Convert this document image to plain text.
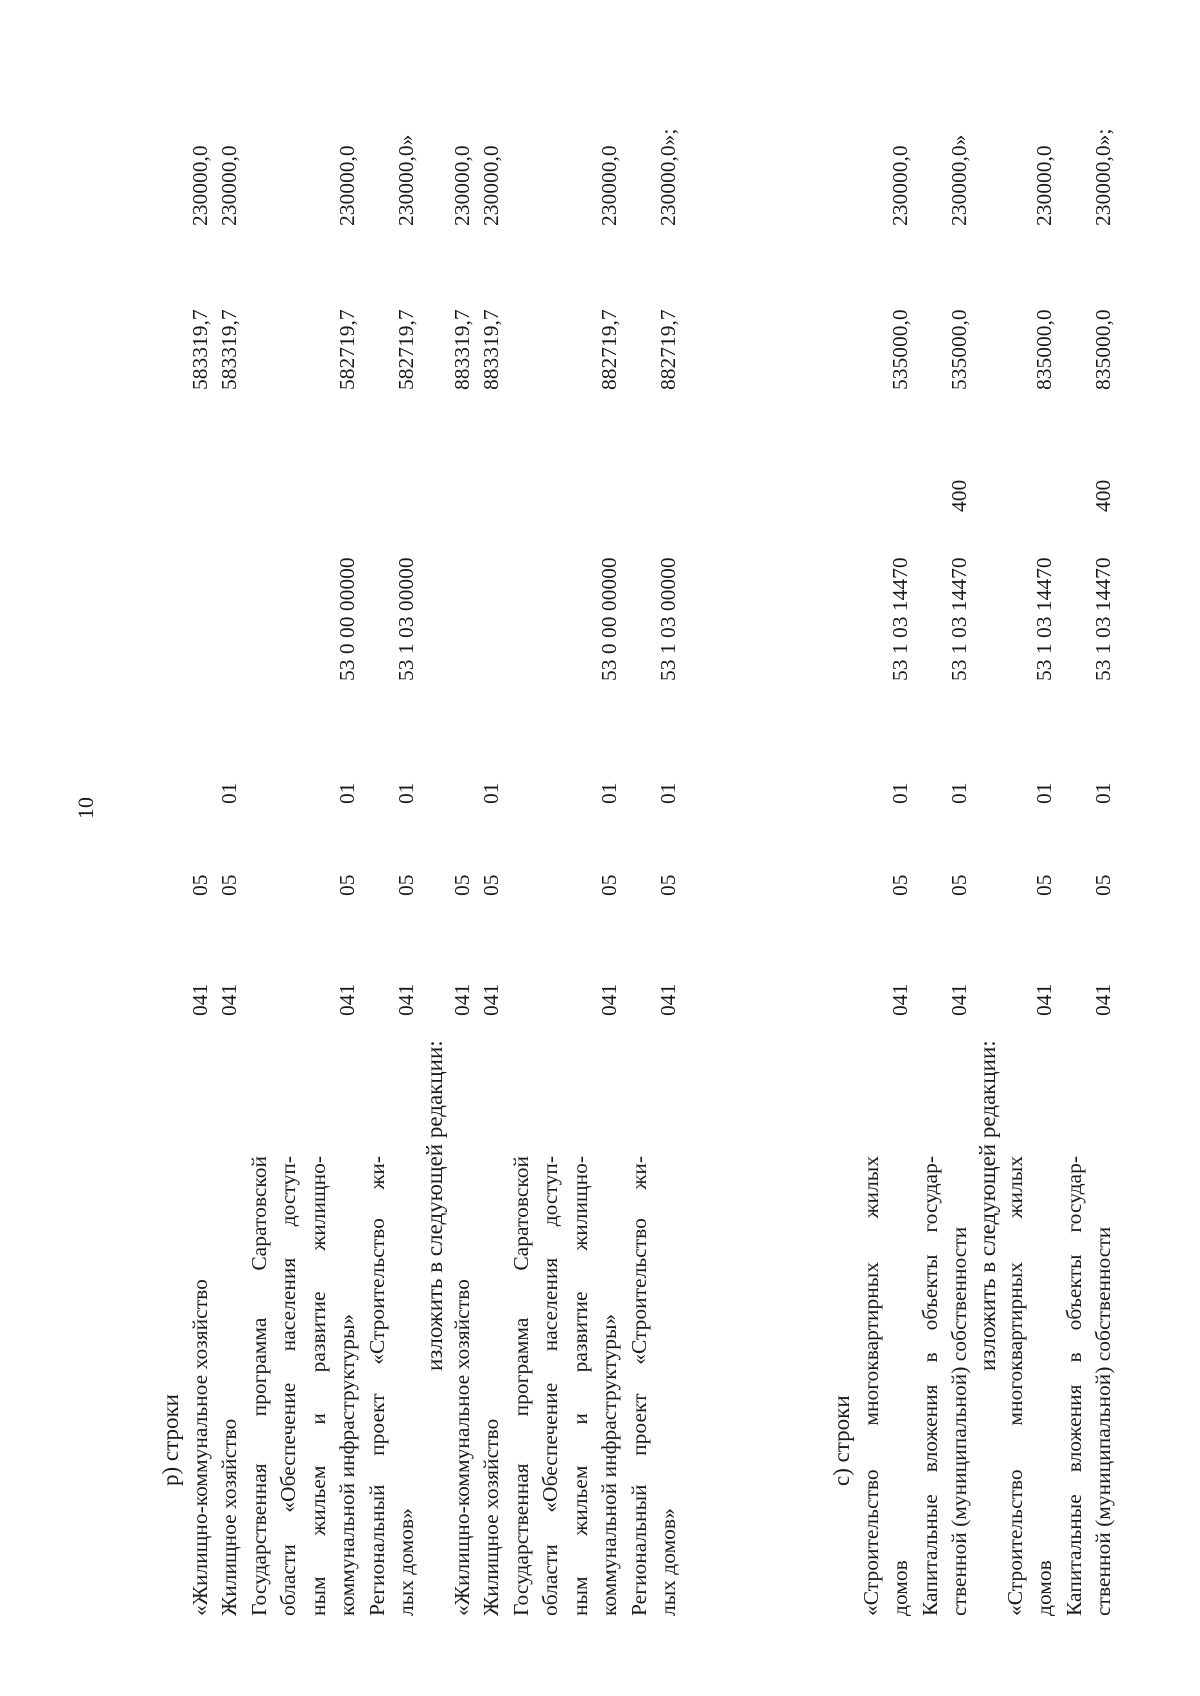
10
р) строки «Жилищно-коммунальное хозяйство
041
05
583319,7
230000,0
Жилищное хозяйство
041
05
01
583319,7
230000,0
Государственная программа Саратовской области «Обеспечение населения доступ- ным жильем и развитие жилищно- коммунальной инфраструктуры»
041
05
01
53 0 00 00000
582719,7
230000,0
Региональный проект «Строительство жи- лых домов»
041
05
01
53 1 03 00000
582719,7
230000,0»
изложить в следующей редакции:
«Жилищно-коммунальное хозяйство
041
05
883319,7
230000,0
Жилищное хозяйство
041
05
01
883319,7
230000,0
Государственная программа Саратовской области «Обеспечение населения доступ- ным жильем и развитие жилищно- коммунальной инфраструктуры»
041
05
01
53 0 00 00000
882719,7
230000,0
Региональный проект «Строительство жи- лых домов»
041
05
01
53 1 03 00000
882719,7
230000,0»;
с) строки «Строительство многоквартирных жилых домов
041
05
01
53 1 03 14470
535000,0
230000,0
Капитальные вложения в объекты государ- ственной (муниципальной) собственности
041
05
01
53 1 03 14470
400
535000,0
230000,0»
изложить в следующей редакции: «Строительство многоквартирных жилых домов
041
05
01
53 1 03 14470
835000,0
230000,0
Капитальные вложения в объекты государ- ственной (муниципальной) собственности
041
05
01
53 1 03 14470
400
835000,0
230000,0»;
